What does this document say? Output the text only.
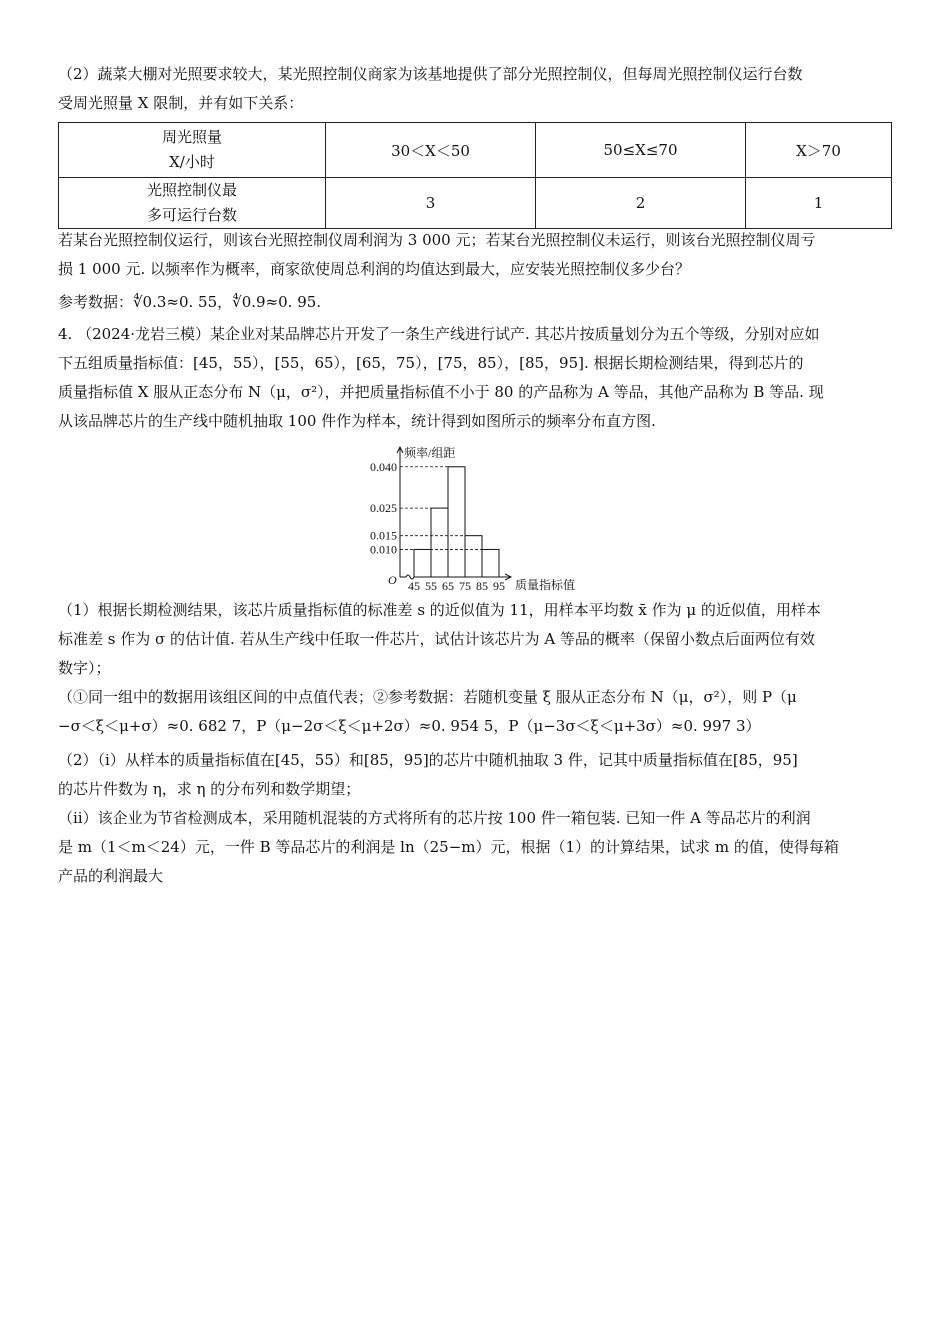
（2）蔬菜大棚对光照要求较大，某光照控制仪商家为该基地提供了部分光照控制仪，但每周光照控制仪运行台数
受周光照量 X 限制，并有如下关系：
周光照量
X/小时	30＜X＜50	50≤X≤70	X＞70

光照控制仪最
多可运行台数	3	2	1
若某台光照控制仪运行，则该台光照控制仪周利润为 3 000 元；若某台光照控制仪未运行，则该台光照控制仪周亏
损 1 000 元. 以频率作为概率，商家欲使周总利润的均值达到最大，应安装光照控制仪多少台？
参考数据：∜0.3≈0. 55，∜0.9≈0. 95.
4. （2024·龙岩三模）某企业对某品牌芯片开发了一条生产线进行试产. 其芯片按质量划分为五个等级，分别对应如
下五组质量指标值：[45，55），[55，65），[65，75），[75，85），[85，95]. 根据长期检测结果，得到芯片的
质量指标值 X 服从正态分布 N（μ，σ²），并把质量指标值不小于 80 的产品称为 A 等品，其他产品称为 B 等品. 现
从该品牌芯片的生产线中随机抽取 100 件作为样本，统计得到如图所示的频率分布直方图.
O
频率/组距
质量指标值
0.040
0.025
0.015
0.010
45 55 65 75 85 95
（1）根据长期检测结果，该芯片质量指标值的标准差 s 的近似值为 11，用样本平均数 x̄ 作为 μ 的近似值，用样本
标准差 s 作为 σ 的估计值. 若从生产线中任取一件芯片，试估计该芯片为 A 等品的概率（保留小数点后面两位有效
数字）；
（①同一组中的数据用该组区间的中点值代表；②参考数据：若随机变量 ξ 服从正态分布 N（μ，σ²），则 P（μ
−σ＜ξ＜μ+σ）≈0. 682 7，P（μ−2σ＜ξ＜μ+2σ）≈0. 954 5，P（μ−3σ＜ξ＜μ+3σ）≈0. 997 3）
（2）（ⅰ）从样本的质量指标值在[45，55）和[85，95]的芯片中随机抽取 3 件，记其中质量指标值在[85，95]
的芯片件数为 η，求 η 的分布列和数学期望；
（ⅱ）该企业为节省检测成本，采用随机混装的方式将所有的芯片按 100 件一箱包装. 已知一件 A 等品芯片的利润
是 m（1＜m＜24）元，一件 B 等品芯片的利润是 ln（25−m）元，根据（1）的计算结果，试求 m 的值，使得每箱
产品的利润最大
